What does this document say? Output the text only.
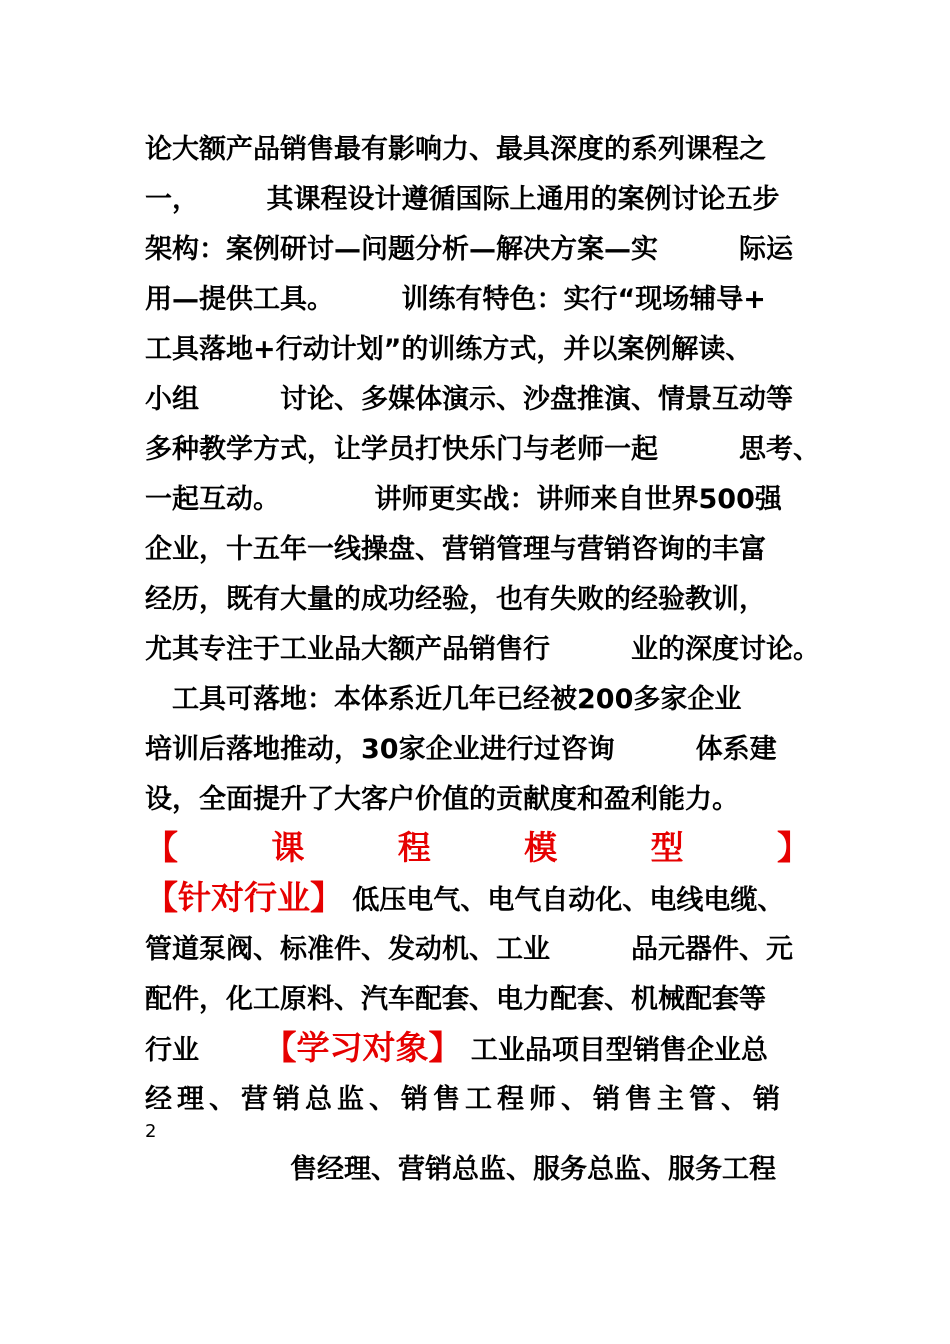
论大额产品销售最有影响力、最具深度的系列课程之
一，　　　其课程设计遵循国际上通用的案例讨论五步
架构：案例研讨—问题分析—解决方案—实　　　际运
用—提供工具。　　　训练有特色：实行“现场辅导+
工具落地+行动计划”的训练方式，并以案例解读、
小组　　　讨论、多媒体演示、沙盘推演、情景互动等
多种教学方式，让学员打快乐门与老师一起　　　思考、
一起互动。　　　　讲师更实战：讲师来自世界500强
企业，十五年一线操盘、营销管理与营销咨询的丰富
经历，既有大量的成功经验，也有失败的经验教训，
尤其专注于工业品大额产品销售行　　　业的深度讨论。
　工具可落地：本体系近几年已经被200多家企业
培训后落地推动，30家企业进行过咨询　　　体系建
设，全面提升了大客户价值的贡献度和盈利能力。
【	课	程	模	型	】
【针对行业】 低压电气、电气自动化、电线电缆、
管道泵阀、标准件、发动机、工业　　　品元器件、元
配件，化工原料、汽车配套、电力配套、机械配套等
行业　　　【学习对象】 工业品项目型销售企业总
经理、营销总监、销售工程师、销售主管、销
2
售经理、营销总监、服务总监、服务工程
